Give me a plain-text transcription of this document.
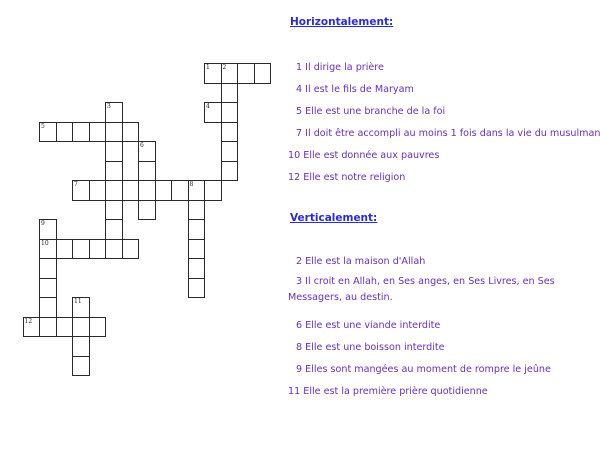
1 2
3	4
5
6
7	8
9
10
11
12
Horizontalement:
1 Il dirige la prière
4 Il est le fils de Maryam
5 Elle est une branche de la foi
7 Il doit être accompli au moins 1 fois dans la vie du musulman
10 Elle est donnée aux pauvres
12 Elle est notre religion
Verticalement:
2 Elle est la maison d'Allah
3 Il croit en Allah, en Ses anges, en Ses Livres, en Ses Messagers, au destin.
6 Elle est une viande interdite
8 Elle est une boisson interdite
9 Elles sont mangées au moment de rompre le jeûne
11 Elle est la première prière quotidienne
